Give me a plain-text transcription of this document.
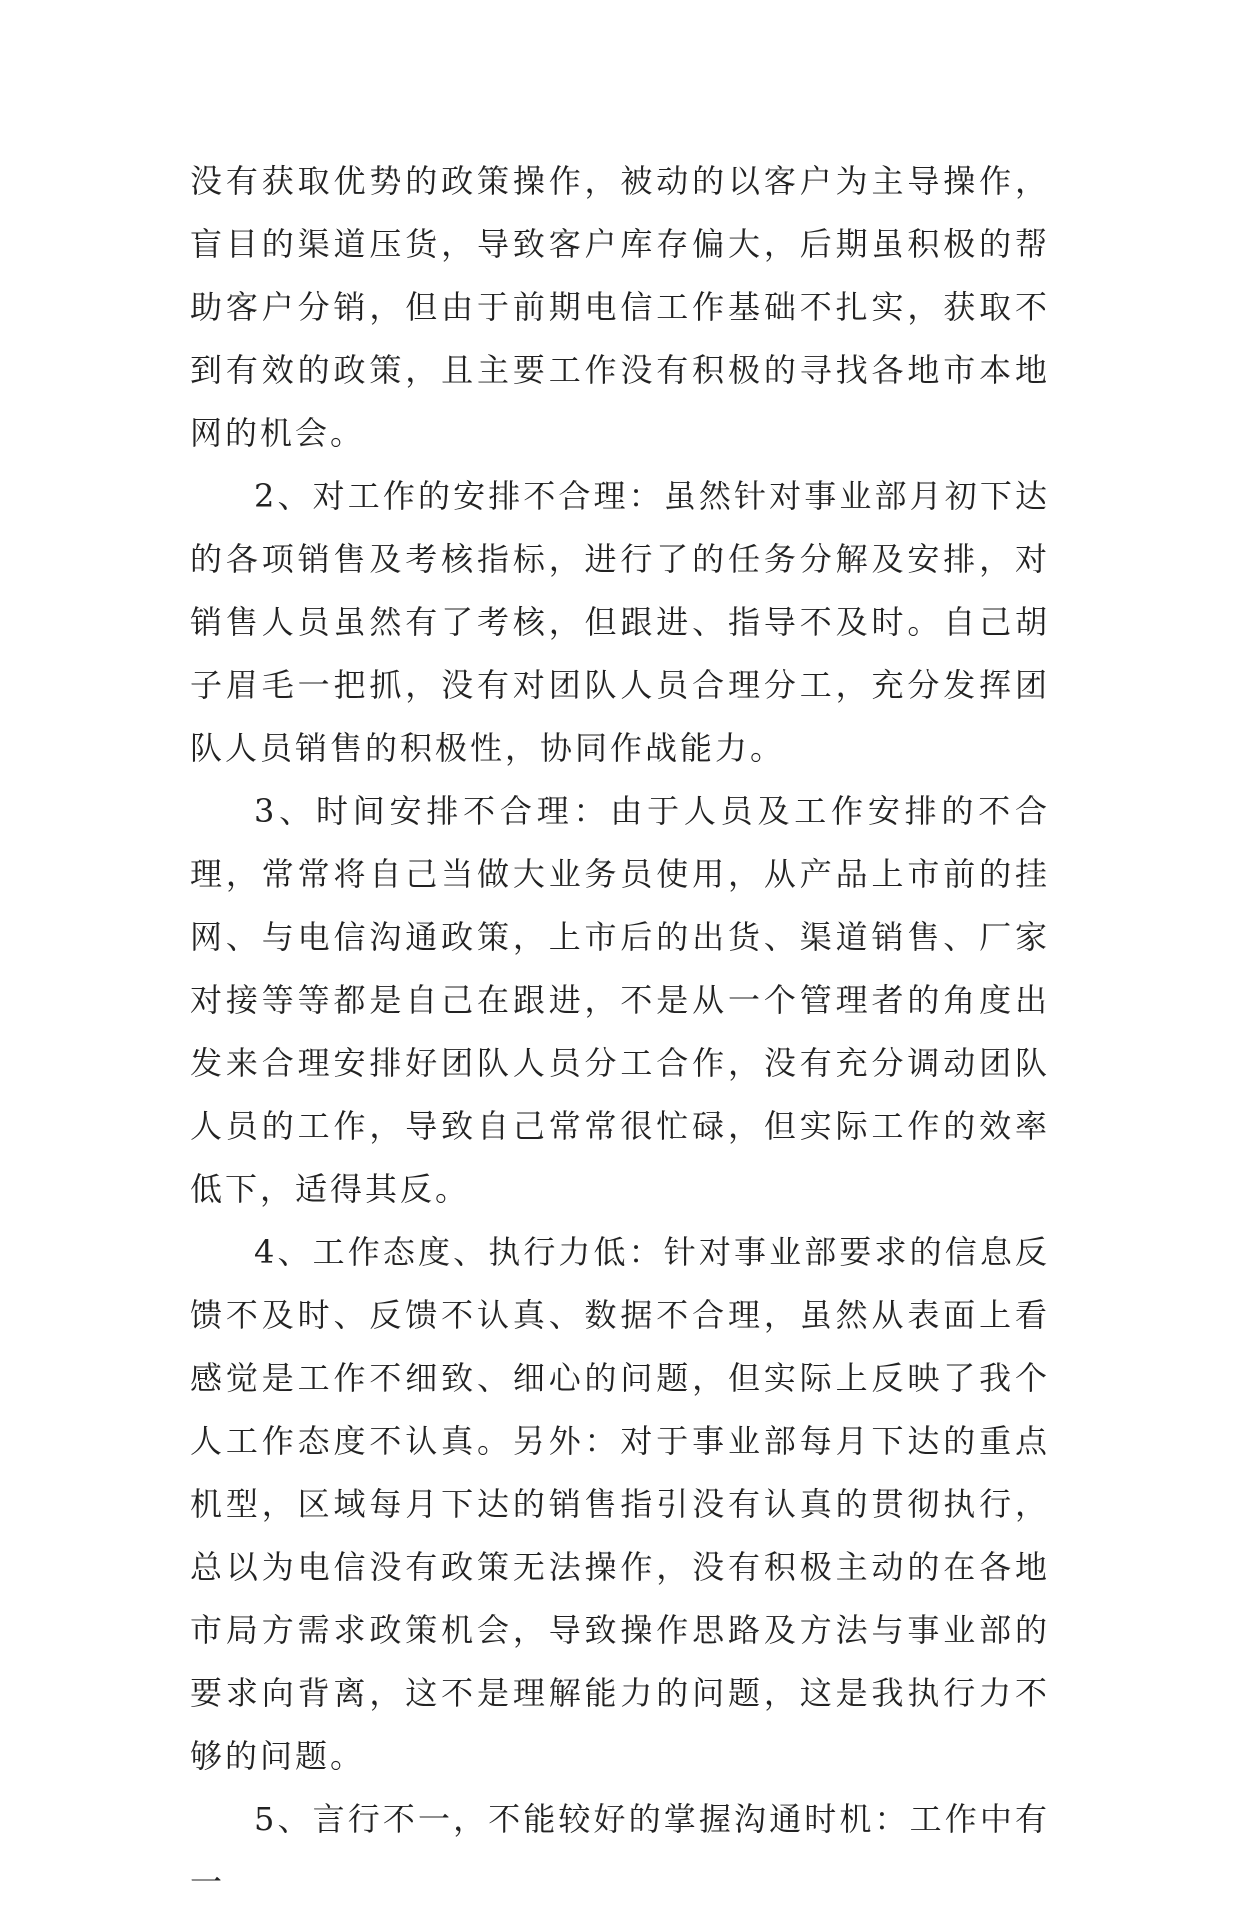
没有获取优势的政策操作，被动的以客户为主导操作，盲目的渠道压货，导致客户库存偏大，后期虽积极的帮助客户分销，但由于前期电信工作基础不扎实，获取不到有效的政策，且主要工作没有积极的寻找各地市本地网的机会。

2、对工作的安排不合理：虽然针对事业部月初下达的各项销售及考核指标，进行了的任务分解及安排，对销售人员虽然有了考核，但跟进、指导不及时。自己胡子眉毛一把抓，没有对团队人员合理分工，充分发挥团队人员销售的积极性，协同作战能力。

3、时间安排不合理：由于人员及工作安排的不合理，常常将自己当做大业务员使用，从产品上市前的挂网、与电信沟通政策，上市后的出货、渠道销售、厂家对接等等都是自己在跟进，不是从一个管理者的角度出发来合理安排好团队人员分工合作，没有充分调动团队人员的工作，导致自己常常很忙碌，但实际工作的效率低下，适得其反。

4、工作态度、执行力低：针对事业部要求的信息反馈不及时、反馈不认真、数据不合理，虽然从表面上看感觉是工作不细致、细心的问题，但实际上反映了我个人工作态度不认真。另外：对于事业部每月下达的重点机型，区域每月下达的销售指引没有认真的贯彻执行，总以为电信没有政策无法操作，没有积极主动的在各地市局方需求政策机会，导致操作思路及方法与事业部的要求向背离，这不是理解能力的问题，这是我执行力不够的问题。

5、言行不一，不能较好的掌握沟通时机：工作中有一
